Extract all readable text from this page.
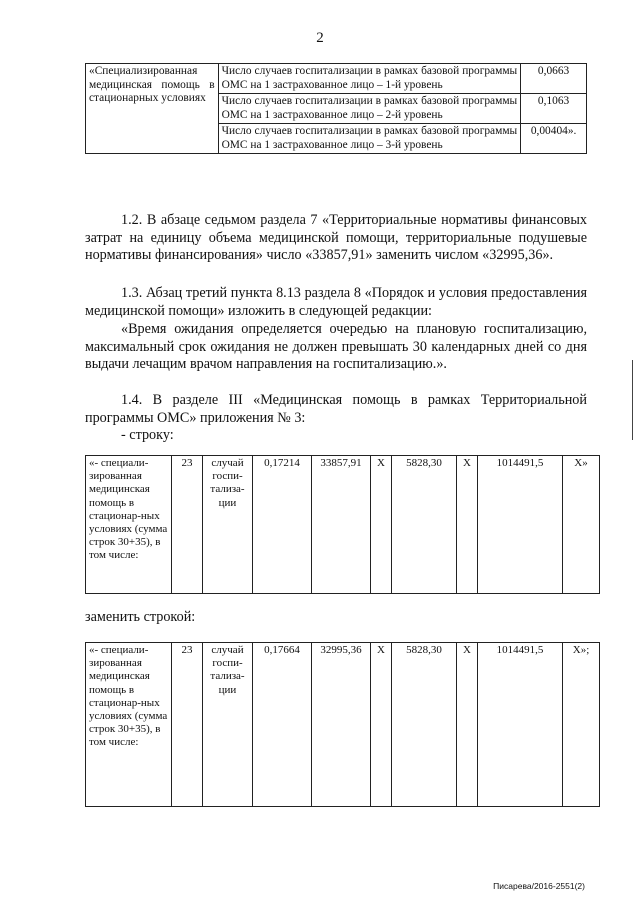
2
«Специализированная медицинская помощь в стационарных условиях	Число случаев госпитализации в рамках базовой программы ОМС на 1 застрахованное лицо – 1-й уровень	0,0663
	Число случаев госпитализации в рамках базовой программы ОМС на 1 застрахованное лицо – 2-й уровень	0,1063
	Число случаев госпитализации в рамках базовой программы ОМС на 1 застрахованное лицо – 3-й уровень	0,00404».
1.2. В абзаце седьмом раздела 7 «Территориальные нормативы финансовых затрат на единицу объема медицинской помощи, территориальные подушевые нормативы финансирования» число «33857,91» заменить числом «32995,36».
1.3. Абзац третий пункта 8.13 раздела 8 «Порядок и условия предоставления медицинской помощи» изложить в следующей редакции:
«Время ожидания определяется очередью на плановую госпитализацию, максимальный срок ожидания не должен превышать 30 календарных дней со дня выдачи лечащим врачом направления на госпитализацию.».
1.4. В разделе III «Медицинская помощь в рамках Территориальной программы ОМС» приложения № 3:
- строку:
«- специали-зированная медицинская помощь в стационар-ных условиях (сумма строк 30+35), в том числе:	23	случай госпи-тализа-ции	0,17214	33857,91	X	5828,30	X	1014491,5	X»
заменить строкой:
«- специали-зированная медицинская помощь в стационар-ных условиях (сумма строк 30+35), в том числе:	23	случай госпи-тализа-ции	0,17664	32995,36	X	5828,30	X	1014491,5	X»;
Писарева/2016-2551(2)
